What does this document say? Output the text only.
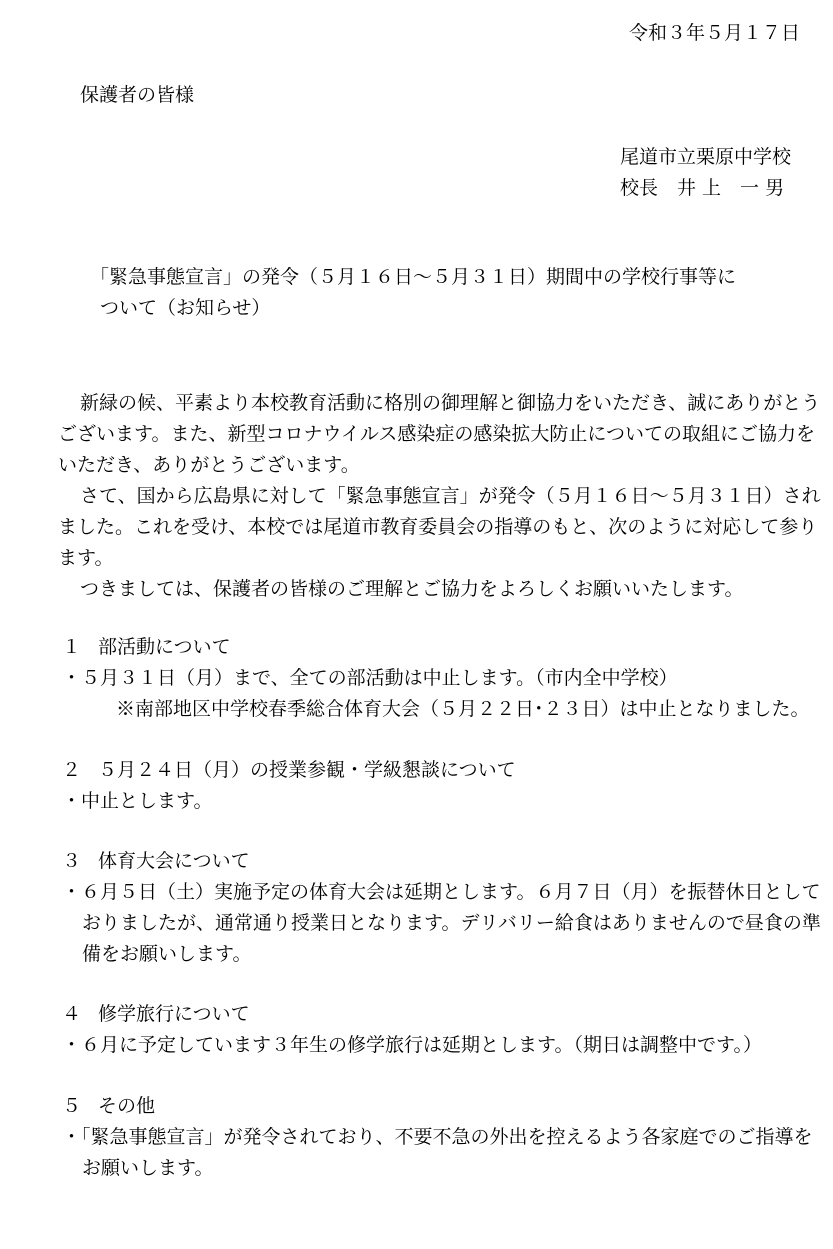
令和３年５月１７日
保護者の皆様
尾道市立栗原中学校
校長　井 上　一 男
「緊急事態宣言」の発令（５月１６日～５月３１日）期間中の学校行事等に
ついて（お知らせ）

新緑の候、平素より本校教育活動に格別の御理解と御協力をいただき、誠にありがとうございます。また、新型コロナウイルス感染症の感染拡大防止についての取組にご協力をいただき、ありがとうございます。

さて、国から広島県に対して「緊急事態宣言」が発令（５月１６日～５月３１日）されました。これを受け、本校では尾道市教育委員会の指導のもと、次のように対応して参ります。

つきましては、保護者の皆様のご理解とご協力をよろしくお願いいたします。

１ 部活動について
・５月３１日（月）まで、全ての部活動は中止します。（市内全中学校）
※南部地区中学校春季総合体育大会（５月２２日･２３日）は中止となりました。
２ ５月２４日（月）の授業参観・学級懇談について
・中止とします。
３ 体育大会について
・６月５日（土）実施予定の体育大会は延期とします。６月７日（月）を振替休日としておりましたが、通常通り授業日となります。デリバリー給食はありませんので昼食の準備をお願いします。
４ 修学旅行について
・６月に予定しています３年生の修学旅行は延期とします。（期日は調整中です。）
５ その他
・「緊急事態宣言」が発令されており、不要不急の外出を控えるよう各家庭でのご指導をお願いします。
